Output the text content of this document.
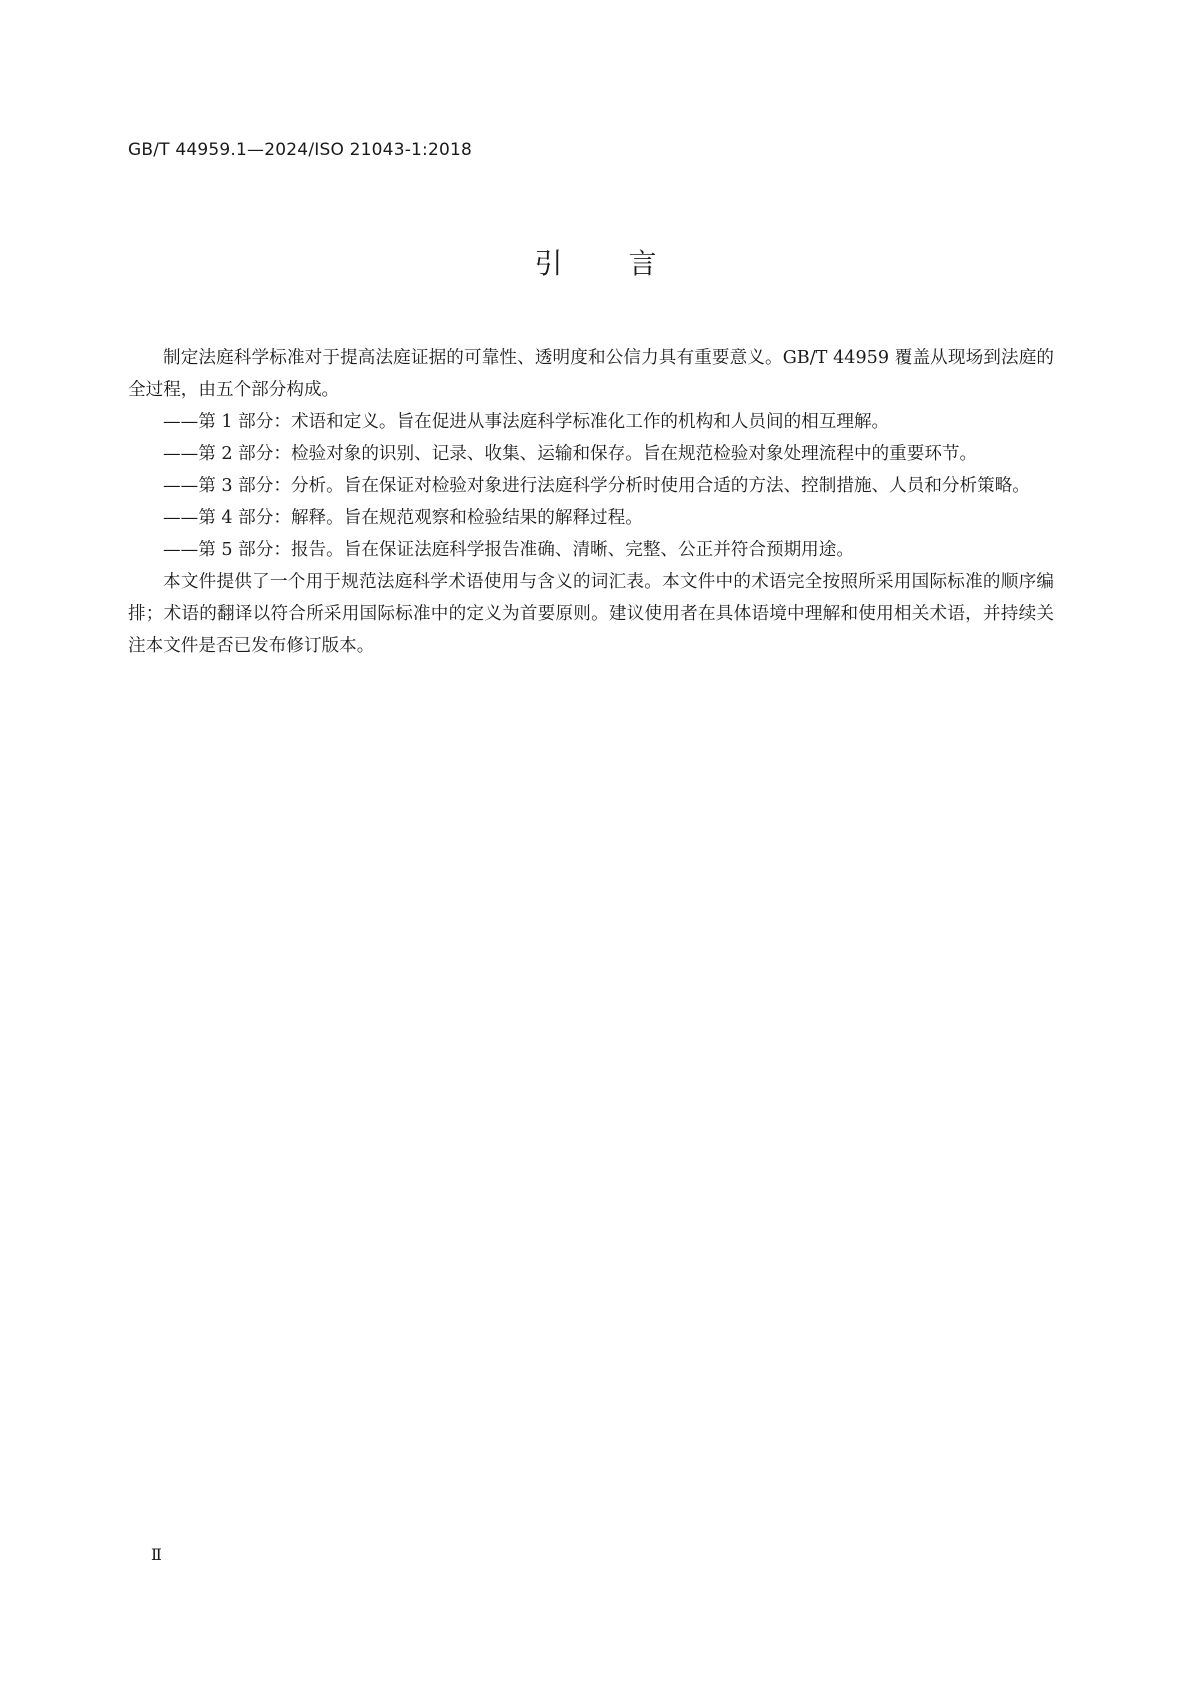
GB/T 44959.1—2024/ISO 21043-1:2018
引言

制定法庭科学标准对于提高法庭证据的可靠性、透明度和公信力具有重要意义。GB/T 44959 覆盖从现场到法庭的全过程，由五个部分构成。

——第 1 部分：术语和定义。旨在促进从事法庭科学标准化工作的机构和人员间的相互理解。
——第 2 部分：检验对象的识别、记录、收集、运输和保存。旨在规范检验对象处理流程中的重要环节。
——第 3 部分：分析。旨在保证对检验对象进行法庭科学分析时使用合适的方法、控制措施、人员和分析策略。
——第 4 部分：解释。旨在规范观察和检验结果的解释过程。
——第 5 部分：报告。旨在保证法庭科学报告准确、清晰、完整、公正并符合预期用途。

本文件提供了一个用于规范法庭科学术语使用与含义的词汇表。本文件中的术语完全按照所采用国际标准的顺序编排；术语的翻译以符合所采用国际标准中的定义为首要原则。建议使用者在具体语境中理解和使用相关术语，并持续关注本文件是否已发布修订版本。

Ⅱ
